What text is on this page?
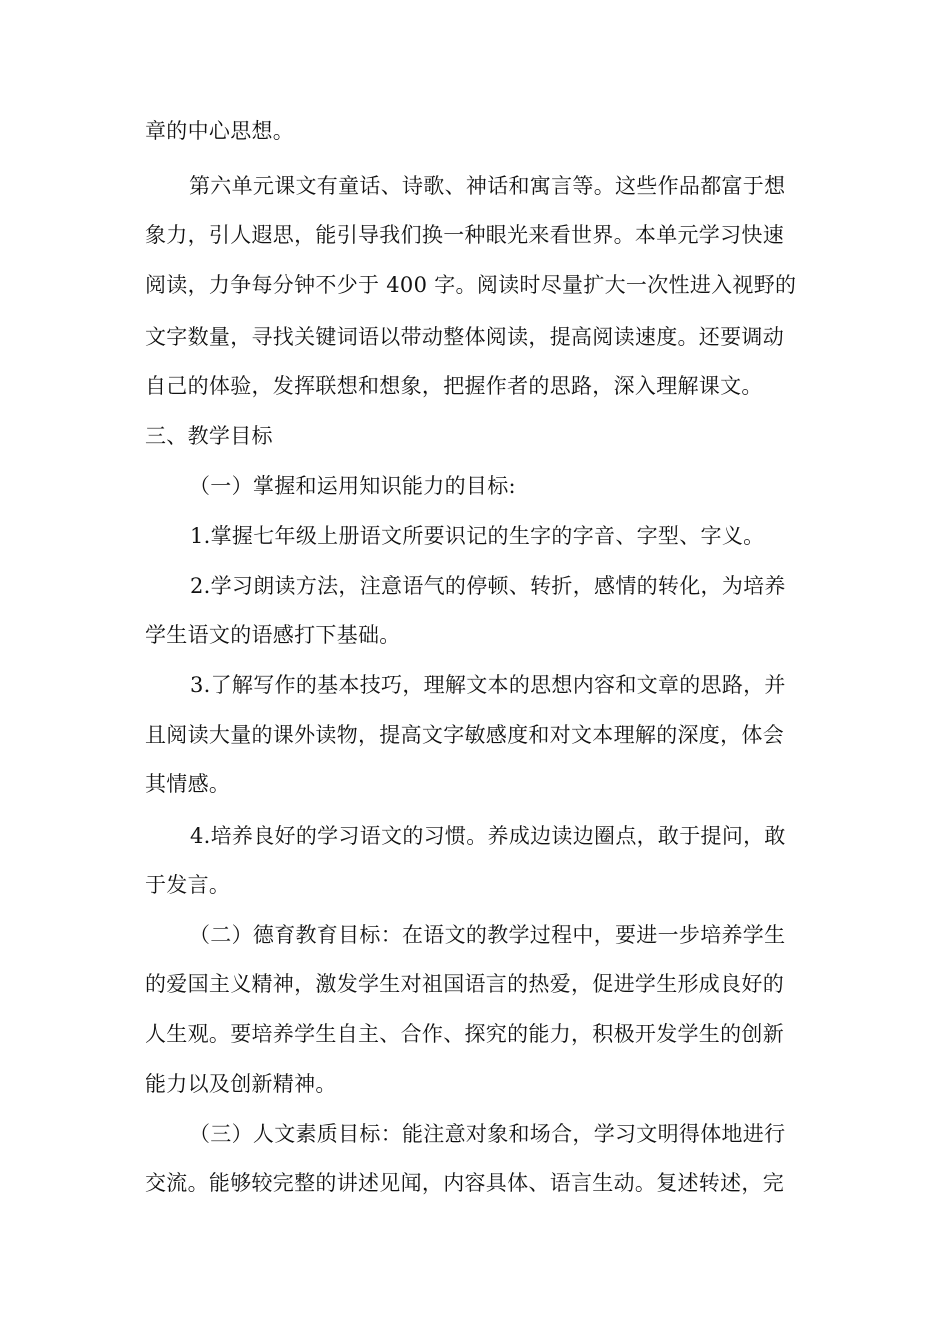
章的中心思想。
第六单元课文有童话、诗歌、神话和寓言等。这些作品都富于想
象力，引人遐思，能引导我们换一种眼光来看世界。本单元学习快速
阅读，力争每分钟不少于 400 字。阅读时尽量扩大一次性进入视野的
文字数量，寻找关键词语以带动整体阅读，提高阅读速度。还要调动
自己的体验，发挥联想和想象，把握作者的思路，深入理解课文。
三、教学目标
（一）掌握和运用知识能力的目标:
1.掌握七年级上册语文所要识记的生字的字音、字型、字义。
2.学习朗读方法，注意语气的停顿、转折，感情的转化，为培养
学生语文的语感打下基础。
3.了解写作的基本技巧，理解文本的思想内容和文章的思路，并
且阅读大量的课外读物，提高文字敏感度和对文本理解的深度，体会
其情感。
4.培养良好的学习语文的习惯。养成边读边圈点，敢于提问，敢
于发言。
（二）德育教育目标：在语文的教学过程中，要进一步培养学生
的爱国主义精神，激发学生对祖国语言的热爱，促进学生形成良好的
人生观。要培养学生自主、合作、探究的能力，积极开发学生的创新
能力以及创新精神。
（三）人文素质目标：能注意对象和场合，学习文明得体地进行
交流。能够较完整的讲述见闻，内容具体、语言生动。复述转述，完
